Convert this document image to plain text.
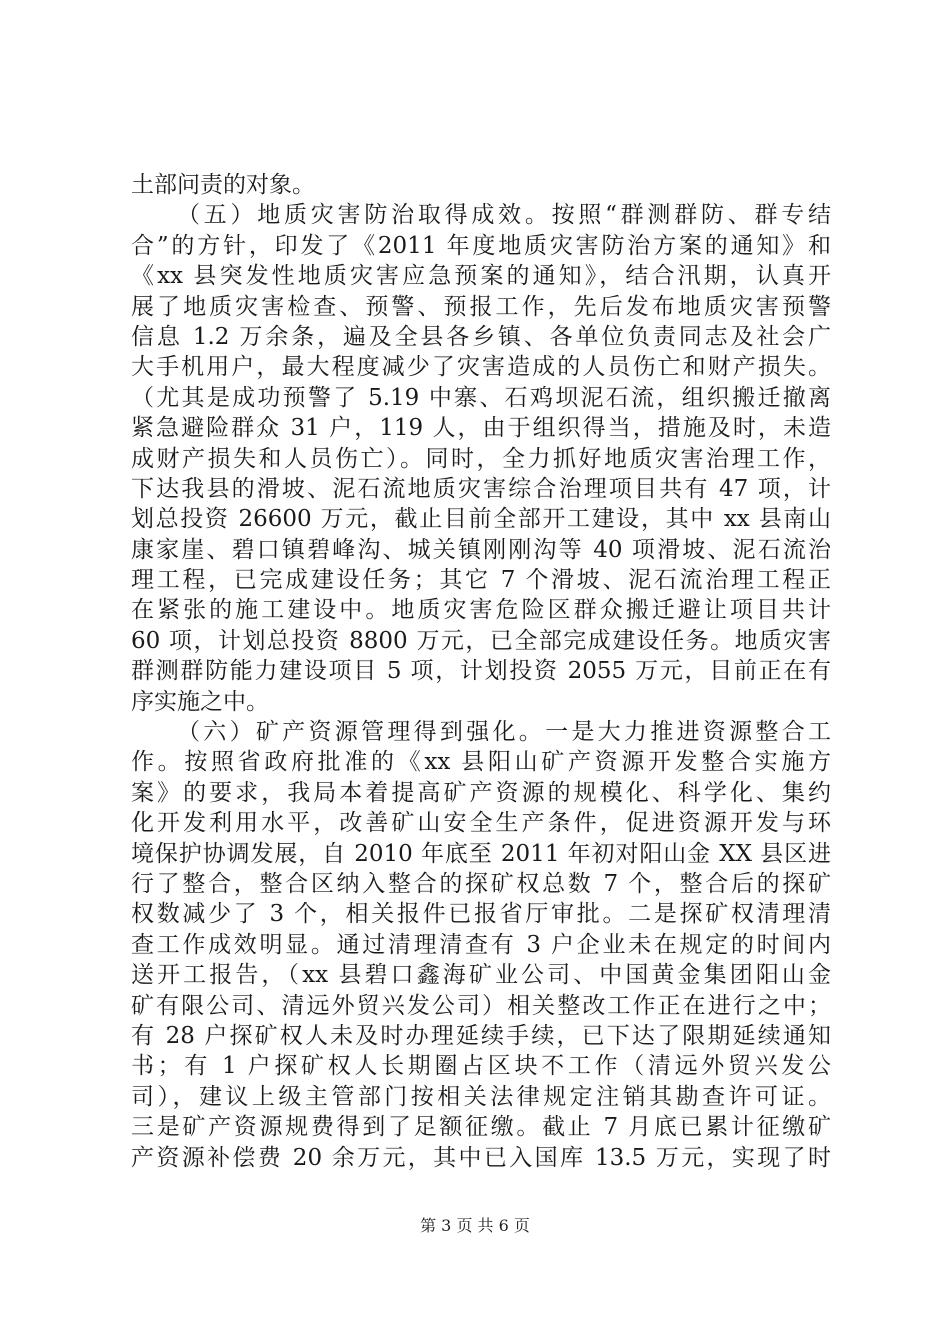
土部问责的对象。
（五）地质灾害防治取得成效。按照“群测群防、群专结
合”的方针，印发了《2011 年度地质灾害防治方案的通知》和
《xx 县突发性地质灾害应急预案的通知》，结合汛期，认真开
展了地质灾害检查、预警、预报工作，先后发布地质灾害预警
信息 1.2 万余条，遍及全县各乡镇、各单位负责同志及社会广
大手机用户，最大程度减少了灾害造成的人员伤亡和财产损失。
（尤其是成功预警了 5.19 中寨、石鸡坝泥石流，组织搬迁撤离
紧急避险群众 31 户，119 人，由于组织得当，措施及时，未造
成财产损失和人员伤亡）。同时，全力抓好地质灾害治理工作，
下达我县的滑坡、泥石流地质灾害综合治理项目共有 47 项，计
划总投资 26600 万元，截止目前全部开工建设，其中 xx 县南山
康家崖、碧口镇碧峰沟、城关镇刚刚沟等 40 项滑坡、泥石流治
理工程，已完成建设任务；其它 7 个滑坡、泥石流治理工程正
在紧张的施工建设中。地质灾害危险区群众搬迁避让项目共计
60 项，计划总投资 8800 万元，已全部完成建设任务。地质灾害
群测群防能力建设项目 5 项，计划投资 2055 万元，目前正在有
序实施之中。
（六）矿产资源管理得到强化。一是大力推进资源整合工
作。按照省政府批准的《xx 县阳山矿产资源开发整合实施方
案》的要求，我局本着提高矿产资源的规模化、科学化、集约
化开发利用水平，改善矿山安全生产条件，促进资源开发与环
境保护协调发展，自 2010 年底至 2011 年初对阳山金 XX 县区进
行了整合，整合区纳入整合的探矿权总数 7 个，整合后的探矿
权数减少了 3 个，相关报件已报省厅审批。二是探矿权清理清
查工作成效明显。通过清理清查有 3 户企业未在规定的时间内
送开工报告，（xx 县碧口鑫海矿业公司、中国黄金集团阳山金
矿有限公司、清远外贸兴发公司）相关整改工作正在进行之中；
有 28 户探矿权人未及时办理延续手续，已下达了限期延续通知
书；有 1 户探矿权人长期圈占区块不工作（清远外贸兴发公
司），建议上级主管部门按相关法律规定注销其勘查许可证。
三是矿产资源规费得到了足额征缴。截止 7 月底已累计征缴矿
产资源补偿费 20 余万元，其中已入国库 13.5 万元，实现了时
第 3 页 共 6 页
